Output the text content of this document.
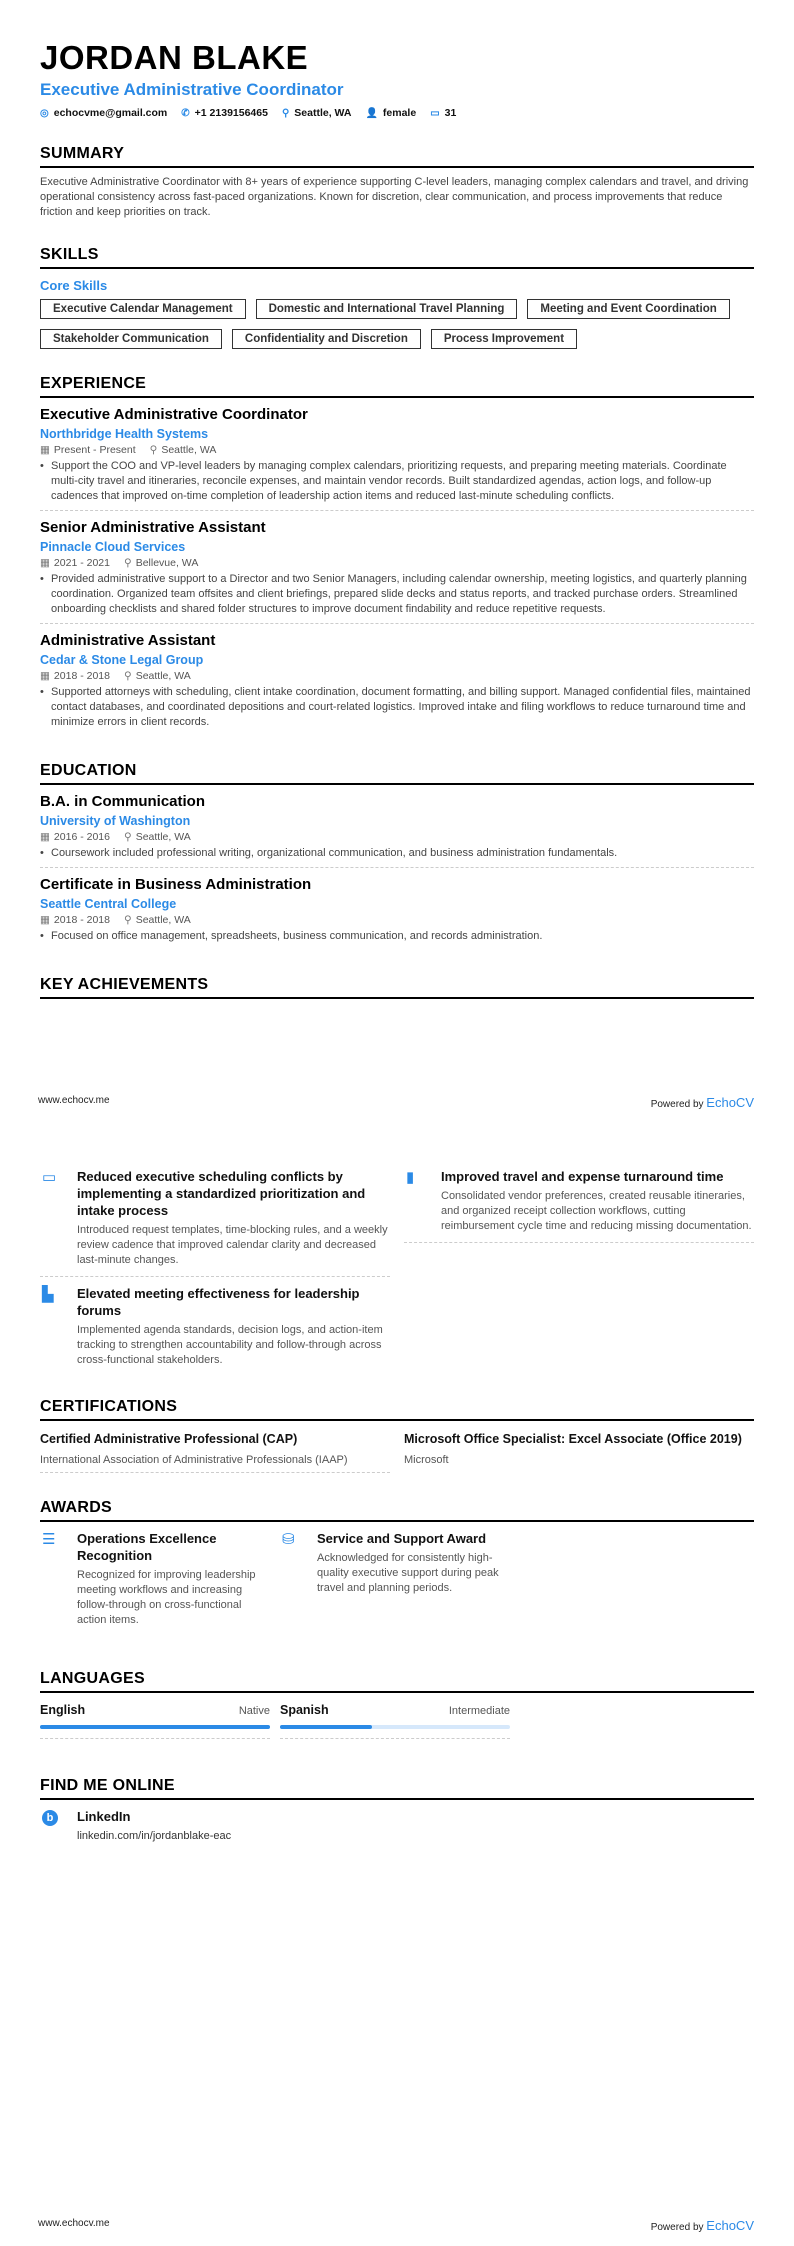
JORDAN BLAKE
Executive Administrative Coordinator
◎ echocvme@gmail.com ✆ +1 2139156465 ⚲ Seattle, WA 👤 female ▭ 31
SUMMARY
Executive Administrative Coordinator with 8+ years of experience supporting C-level leaders, managing complex calendars and travel, and driving operational consistency across fast-paced organizations. Known for discretion, clear communication, and process improvements that reduce friction and keep priorities on track.
SKILLS
Core Skills
Executive Calendar Management	Domestic and International Travel Planning	Meeting and Event Coordination
Stakeholder Communication	Confidentiality and Discretion	Process Improvement
EXPERIENCE
Executive Administrative Coordinator
Northbridge Health Systems
▦ Present - Present ⚲ Seattle, WA
• Support the COO and VP-level leaders by managing complex calendars, prioritizing requests, and preparing meeting materials. Coordinate multi-city travel and itineraries, reconcile expenses, and maintain vendor records. Built standardized agendas, action logs, and follow-up cadences that improved on-time completion of leadership action items and reduced last-minute scheduling conflicts.
Senior Administrative Assistant
Pinnacle Cloud Services
▦ 2021 - 2021 ⚲ Bellevue, WA
• Provided administrative support to a Director and two Senior Managers, including calendar ownership, meeting logistics, and quarterly planning coordination. Organized team offsites and client briefings, prepared slide decks and status reports, and tracked purchase orders. Streamlined onboarding checklists and shared folder structures to improve document findability and reduce repetitive requests.
Administrative Assistant
Cedar & Stone Legal Group
▦ 2018 - 2018 ⚲ Seattle, WA
• Supported attorneys with scheduling, client intake coordination, document formatting, and billing support. Managed confidential files, maintained contact databases, and coordinated depositions and court-related logistics. Improved intake and filing workflows to reduce turnaround time and minimize errors in client records.
EDUCATION
B.A. in Communication
University of Washington
▦ 2016 - 2016 ⚲ Seattle, WA
• Coursework included professional writing, organizational communication, and business administration fundamentals.
Certificate in Business Administration
Seattle Central College
▦ 2018 - 2018 ⚲ Seattle, WA
• Focused on office management, spreadsheets, business communication, and records administration.
KEY ACHIEVEMENTS
www.echocv.me	Powered by EchoCV
▭	Reduced executive scheduling conflicts by implementing a standardized prioritization and intake process

Introduced request templates, time-blocking rules, and a weekly review cadence that improved calendar clarity and decreased last-minute changes.

▮	Improved travel and expense turnaround time

Consolidated vendor preferences, created reusable itineraries, and organized receipt collection workflows, cutting reimbursement cycle time and reducing missing documentation.

▙	Elevated meeting effectiveness for leadership forums

Implemented agenda standards, decision logs, and action-item tracking to strengthen accountability and follow-through across cross-functional stakeholders.

CERTIFICATIONS
Certified Administrative Professional (CAP)

International Association of Administrative Professionals (IAAP)

Microsoft Office Specialist: Excel Associate (Office 2019)

Microsoft

AWARDS
☰	Operations Excellence Recognition

Recognized for improving leadership meeting workflows and increasing follow-through on cross-functional action items.

⛁	Service and Support Award

Acknowledged for consistently high-quality executive support during peak travel and planning periods.

LANGUAGES
English	Native Spanish	Intermediate
FIND ME ONLINE
b	LinkedIn

linkedin.com/in/jordanblake-eac

www.echocv.me	Powered by EchoCV
